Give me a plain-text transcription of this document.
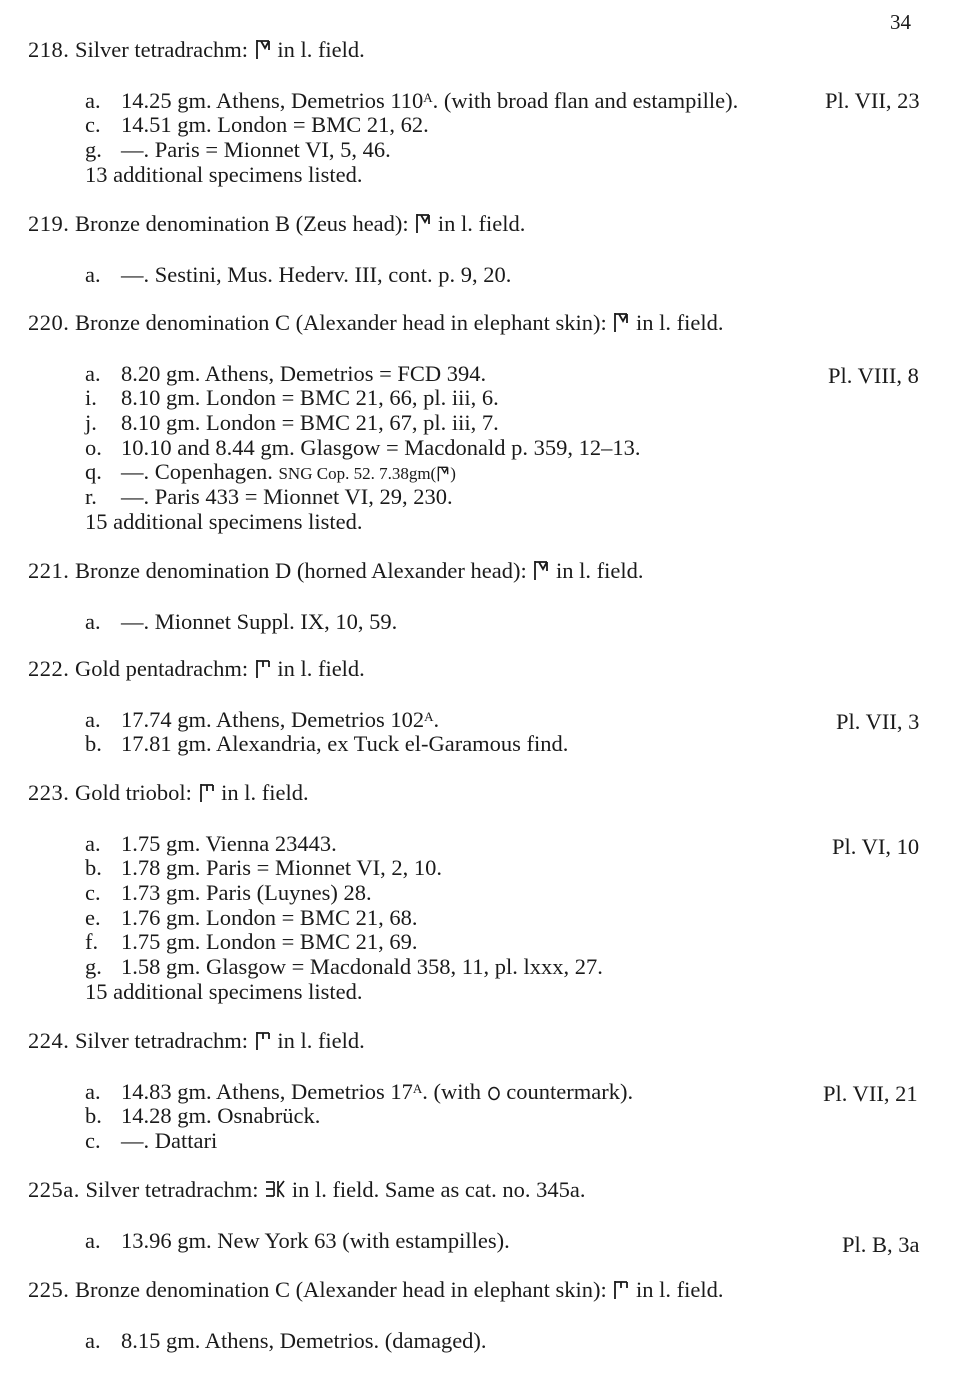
34
218. Silver tetradrachm: in l. field.
a. 14.25 gm. Athens, Demetrios $110^A$. (with broad flan and estampille).	Pl. VII, 23
c. 14.51 gm. London = BMC 21, 62.
g. —. Paris = Mionnet VI, 5, 46.
13 additional specimens listed.
219. Bronze denomination B (Zeus head): in l. field.
a. —. Sestini, Mus. Hederv. III, cont. p. 9, 20.
220. Bronze denomination C (Alexander head in elephant skin): in l. field.
a. 8.20 gm. Athens, Demetrios = FCD 394.	Pl. VIII, 8
i. 8.10 gm. London = BMC 21, 66, pl. iii, 6.
j. 8.10 gm. London = BMC 21, 67, pl. iii, 7.
o. 10.10 and 8.44 gm. Glasgow = Macdonald p. 359, 12–13.
q. —. Copenhagen. SNG Cop. 52. 7.38gm( )
r. —. Paris 433 = Mionnet VI, 29, 230.
15 additional specimens listed.
221. Bronze denomination D (horned Alexander head): in l. field.
a. —. Mionnet Suppl. IX, 10, 59.
222. Gold pentadrachm: in l. field.
a. 17.74 gm. Athens, Demetrios $102^A$.	Pl. VII, 3
b. 17.81 gm. Alexandria, ex Tuck el-Garamous find.
223. Gold triobol: in l. field.
a. 1.75 gm. Vienna 23443.	Pl. VI, 10
b. 1.78 gm. Paris = Mionnet VI, 2, 10.
c. 1.73 gm. Paris (Luynes) 28.
e. 1.76 gm. London = BMC 21, 68.
f. 1.75 gm. London = BMC 21, 69.
g. 1.58 gm. Glasgow = Macdonald 358, 11, pl. lxxx, 27.
15 additional specimens listed.
224. Silver tetradrachm: in l. field.
a. 14.83 gm. Athens, Demetrios $17^A$. (with countermark).	Pl. VII, 21
b. 14.28 gm. Osnabrück.
c. —. Dattari
225a. Silver tetradrachm: in l. field. Same as cat. no. 345a.
a. 13.96 gm. New York 63 (with estampilles).	Pl. B, 3a
225. Bronze denomination C (Alexander head in elephant skin): in l. field.
a. 8.15 gm. Athens, Demetrios. (damaged).
